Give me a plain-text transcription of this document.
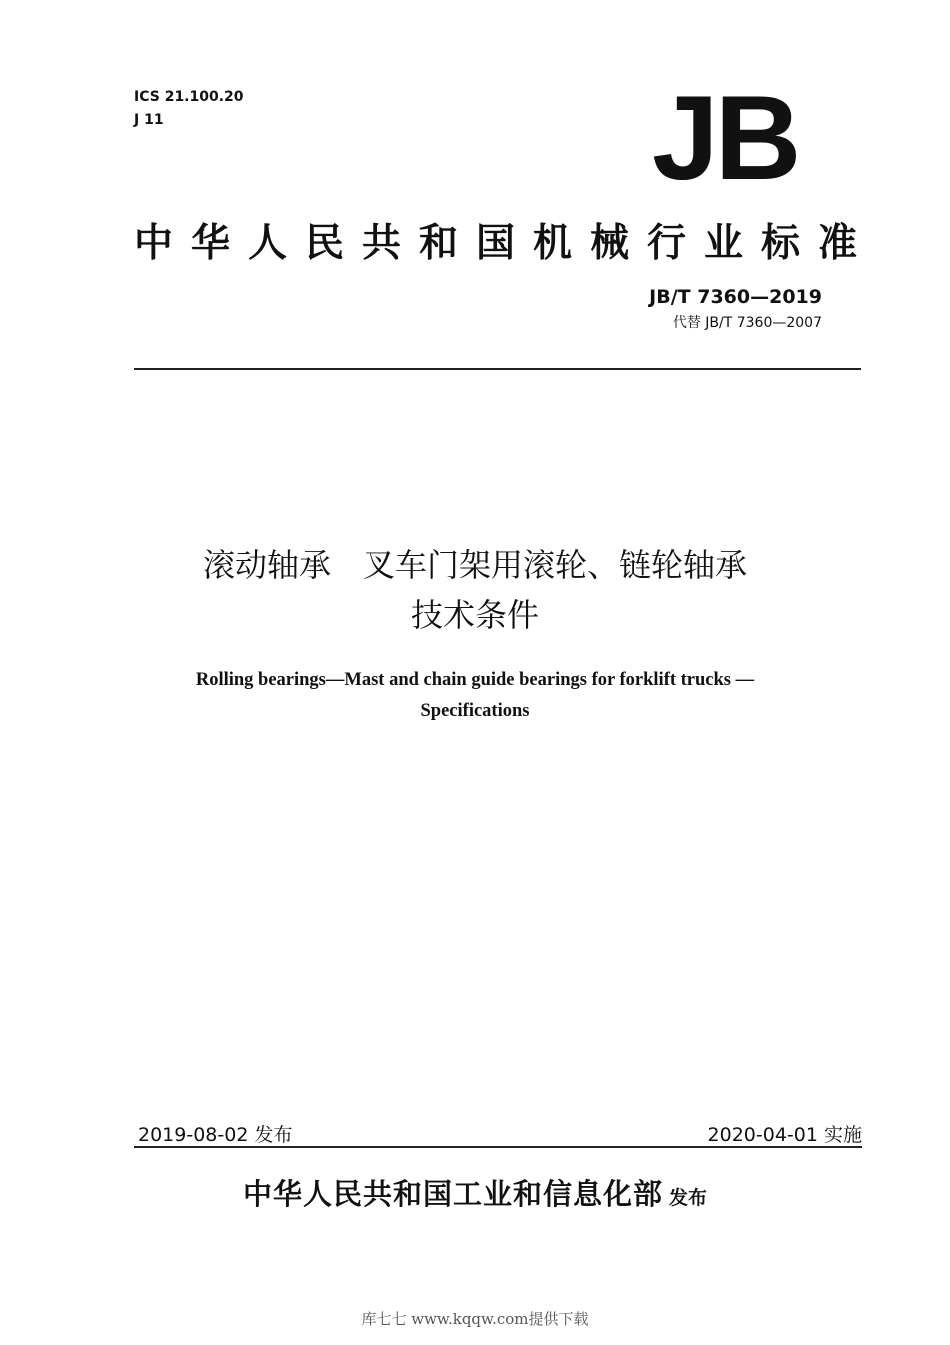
ICS 21.100.20
J 11	JB
中华人民共和国机械行业标准
JB/T 7360—2019
代替 JB/T 7360—2007
滚动轴承　叉车门架用滚轮、链轮轴承
技术条件
Rolling bearings—Mast and chain guide bearings for forklift trucks —
Specifications
2019-08-02 发布	2020-04-01 实施
中华人民共和国工业和信息化部 发布
库七七 www.kqqw.com提供下载
